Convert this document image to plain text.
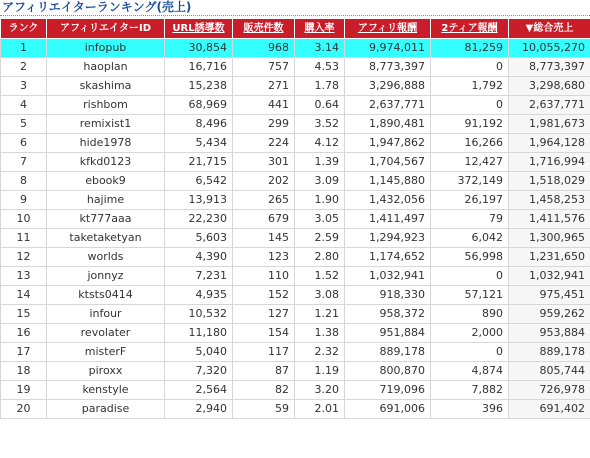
アフィリエイターランキング(売上)
ランク	アフィリエイターID	URL誘導数	販売件数	購入率	アフィリ報酬	2ティア報酬	▼総合売上
1	infopub	30,854	968	3.14	9,974,011	81,259	10,055,270
2	haoplan	16,716	757	4.53	8,773,397	0	8,773,397
3	skashima	15,238	271	1.78	3,296,888	1,792	3,298,680
4	rishbom	68,969	441	0.64	2,637,771	0	2,637,771
5	remixist1	8,496	299	3.52	1,890,481	91,192	1,981,673
6	hide1978	5,434	224	4.12	1,947,862	16,266	1,964,128
7	kfkd0123	21,715	301	1.39	1,704,567	12,427	1,716,994
8	ebook9	6,542	202	3.09	1,145,880	372,149	1,518,029
9	hajime	13,913	265	1.90	1,432,056	26,197	1,458,253
10	kt777aaa	22,230	679	3.05	1,411,497	79	1,411,576
11	taketaketyan	5,603	145	2.59	1,294,923	6,042	1,300,965
12	worlds	4,390	123	2.80	1,174,652	56,998	1,231,650
13	jonnyz	7,231	110	1.52	1,032,941	0	1,032,941
14	ktsts0414	4,935	152	3.08	918,330	57,121	975,451
15	infour	10,532	127	1.21	958,372	890	959,262
16	revolater	11,180	154	1.38	951,884	2,000	953,884
17	misterF	5,040	117	2.32	889,178	0	889,178
18	piroxx	7,320	87	1.19	800,870	4,874	805,744
19	kenstyle	2,564	82	3.20	719,096	7,882	726,978
20	paradise	2,940	59	2.01	691,006	396	691,402
